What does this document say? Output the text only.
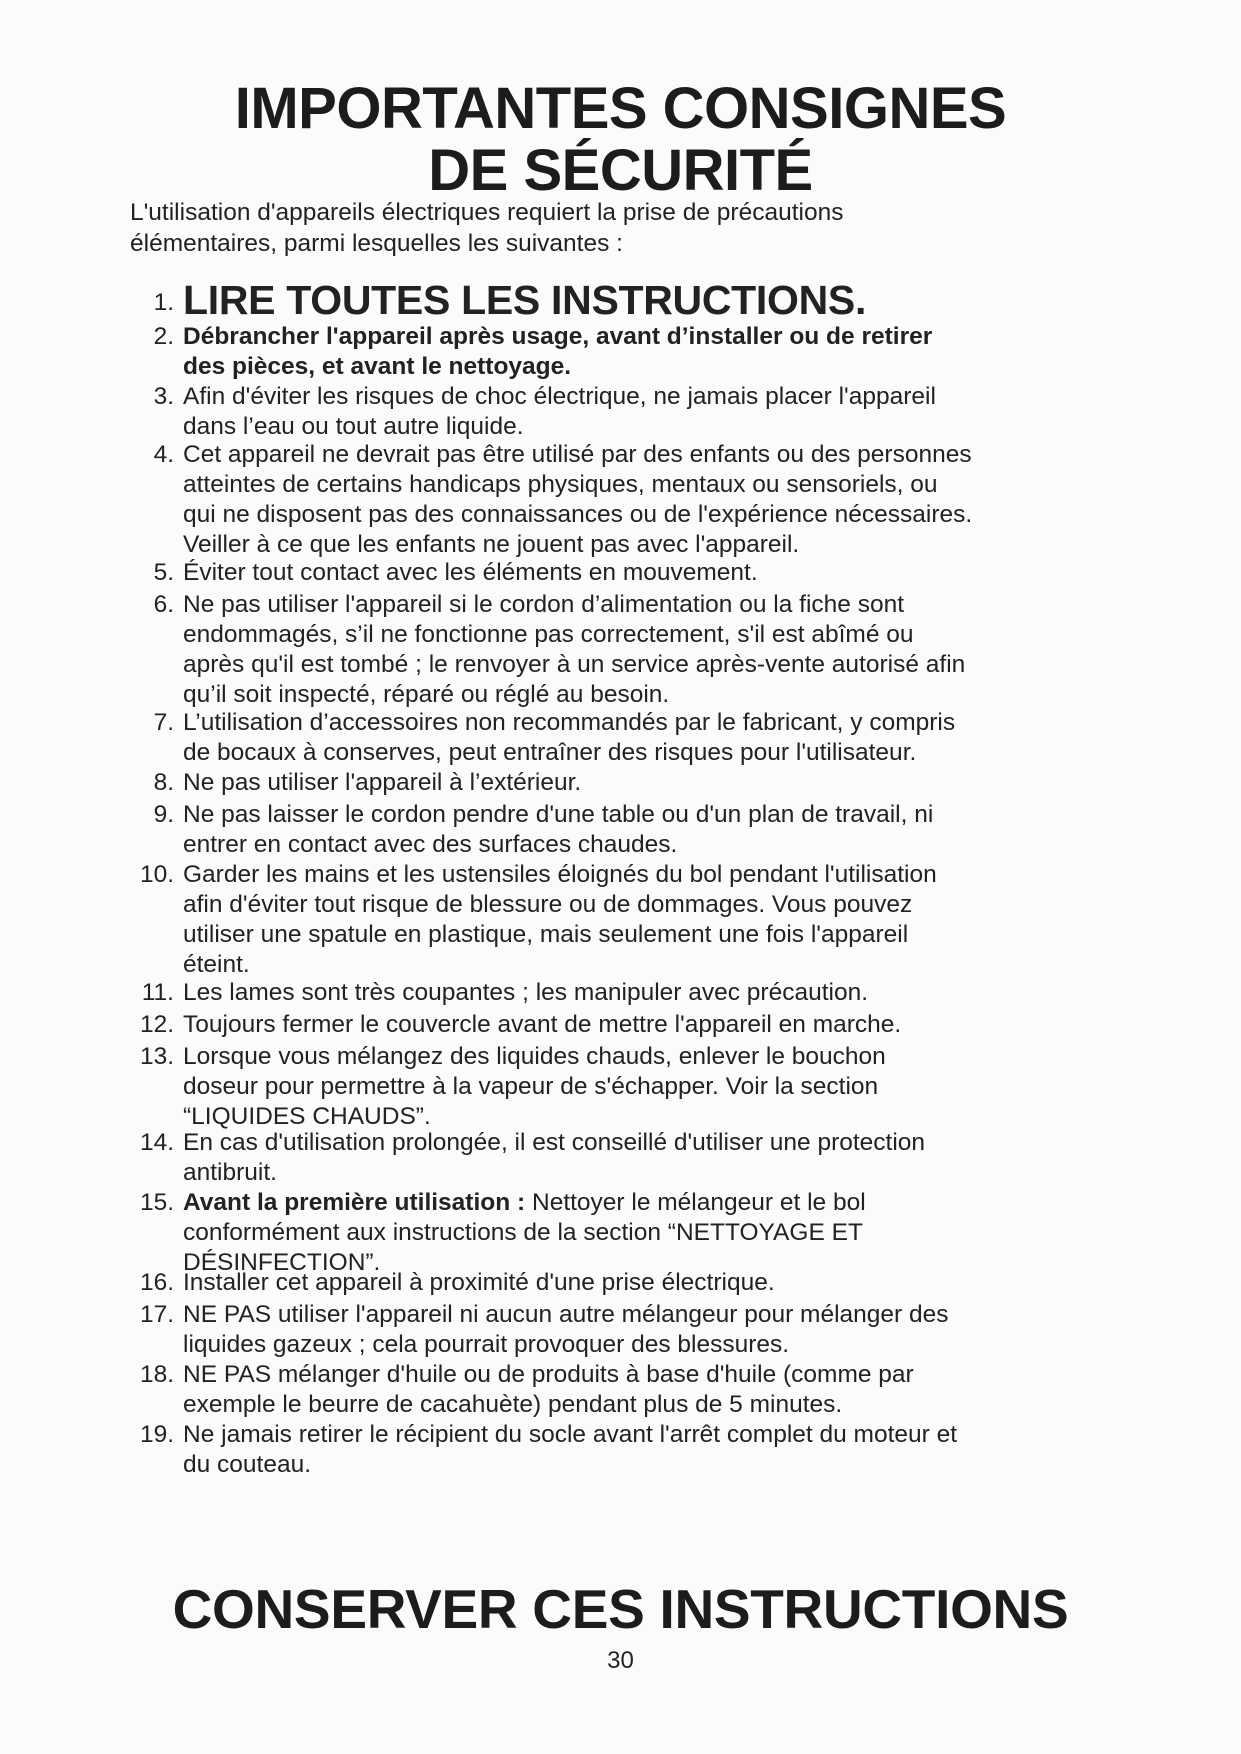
IMPORTANTES CONSIGNES
DE SÉCURITÉ
L'utilisation d'appareils électriques requiert la prise de précautions
élémentaires, parmi lesquelles les suivantes :
1. LIRE TOUTES LES INSTRUCTIONS.
2. Débrancher l'appareil après usage, avant d’installer ou de retirer
des pièces, et avant le nettoyage.
3. Afin d'éviter les risques de choc électrique, ne jamais placer l'appareil
dans l’eau ou tout autre liquide.
4. Cet appareil ne devrait pas être utilisé par des enfants ou des personnes
atteintes de certains handicaps physiques, mentaux ou sensoriels, ou
qui ne disposent pas des connaissances ou de l'expérience nécessaires.
Veiller à ce que les enfants ne jouent pas avec l'appareil.
5. Éviter tout contact avec les éléments en mouvement.
6. Ne pas utiliser l'appareil si le cordon d’alimentation ou la fiche sont
endommagés, s’il ne fonctionne pas correctement, s'il est abîmé ou
après qu'il est tombé ; le renvoyer à un service après-vente autorisé afin
qu’il soit inspecté, réparé ou réglé au besoin.
7. L’utilisation d’accessoires non recommandés par le fabricant, y compris
de bocaux à conserves, peut entraîner des risques pour l'utilisateur.
8. Ne pas utiliser l'appareil à l’extérieur.
9. Ne pas laisser le cordon pendre d'une table ou d'un plan de travail, ni
entrer en contact avec des surfaces chaudes.
10. Garder les mains et les ustensiles éloignés du bol pendant l'utilisation
afin d'éviter tout risque de blessure ou de dommages. Vous pouvez
utiliser une spatule en plastique, mais seulement une fois l'appareil
éteint.
11. Les lames sont très coupantes ; les manipuler avec précaution.
12. Toujours fermer le couvercle avant de mettre l'appareil en marche.
13. Lorsque vous mélangez des liquides chauds, enlever le bouchon
doseur pour permettre à la vapeur de s'échapper. Voir la section
“LIQUIDES CHAUDS”.
14. En cas d'utilisation prolongée, il est conseillé d'utiliser une protection
antibruit.
15. Avant la première utilisation : Nettoyer le mélangeur et le bol
conformément aux instructions de la section “NETTOYAGE ET
DÉSINFECTION”.
16. Installer cet appareil à proximité d'une prise électrique.
17. NE PAS utiliser l'appareil ni aucun autre mélangeur pour mélanger des
liquides gazeux ; cela pourrait provoquer des blessures.
18. NE PAS mélanger d'huile ou de produits à base d'huile (comme par
exemple le beurre de cacahuète) pendant plus de 5 minutes.
19. Ne jamais retirer le récipient du socle avant l'arrêt complet du moteur et
du couteau.
CONSERVER CES INSTRUCTIONS
30
